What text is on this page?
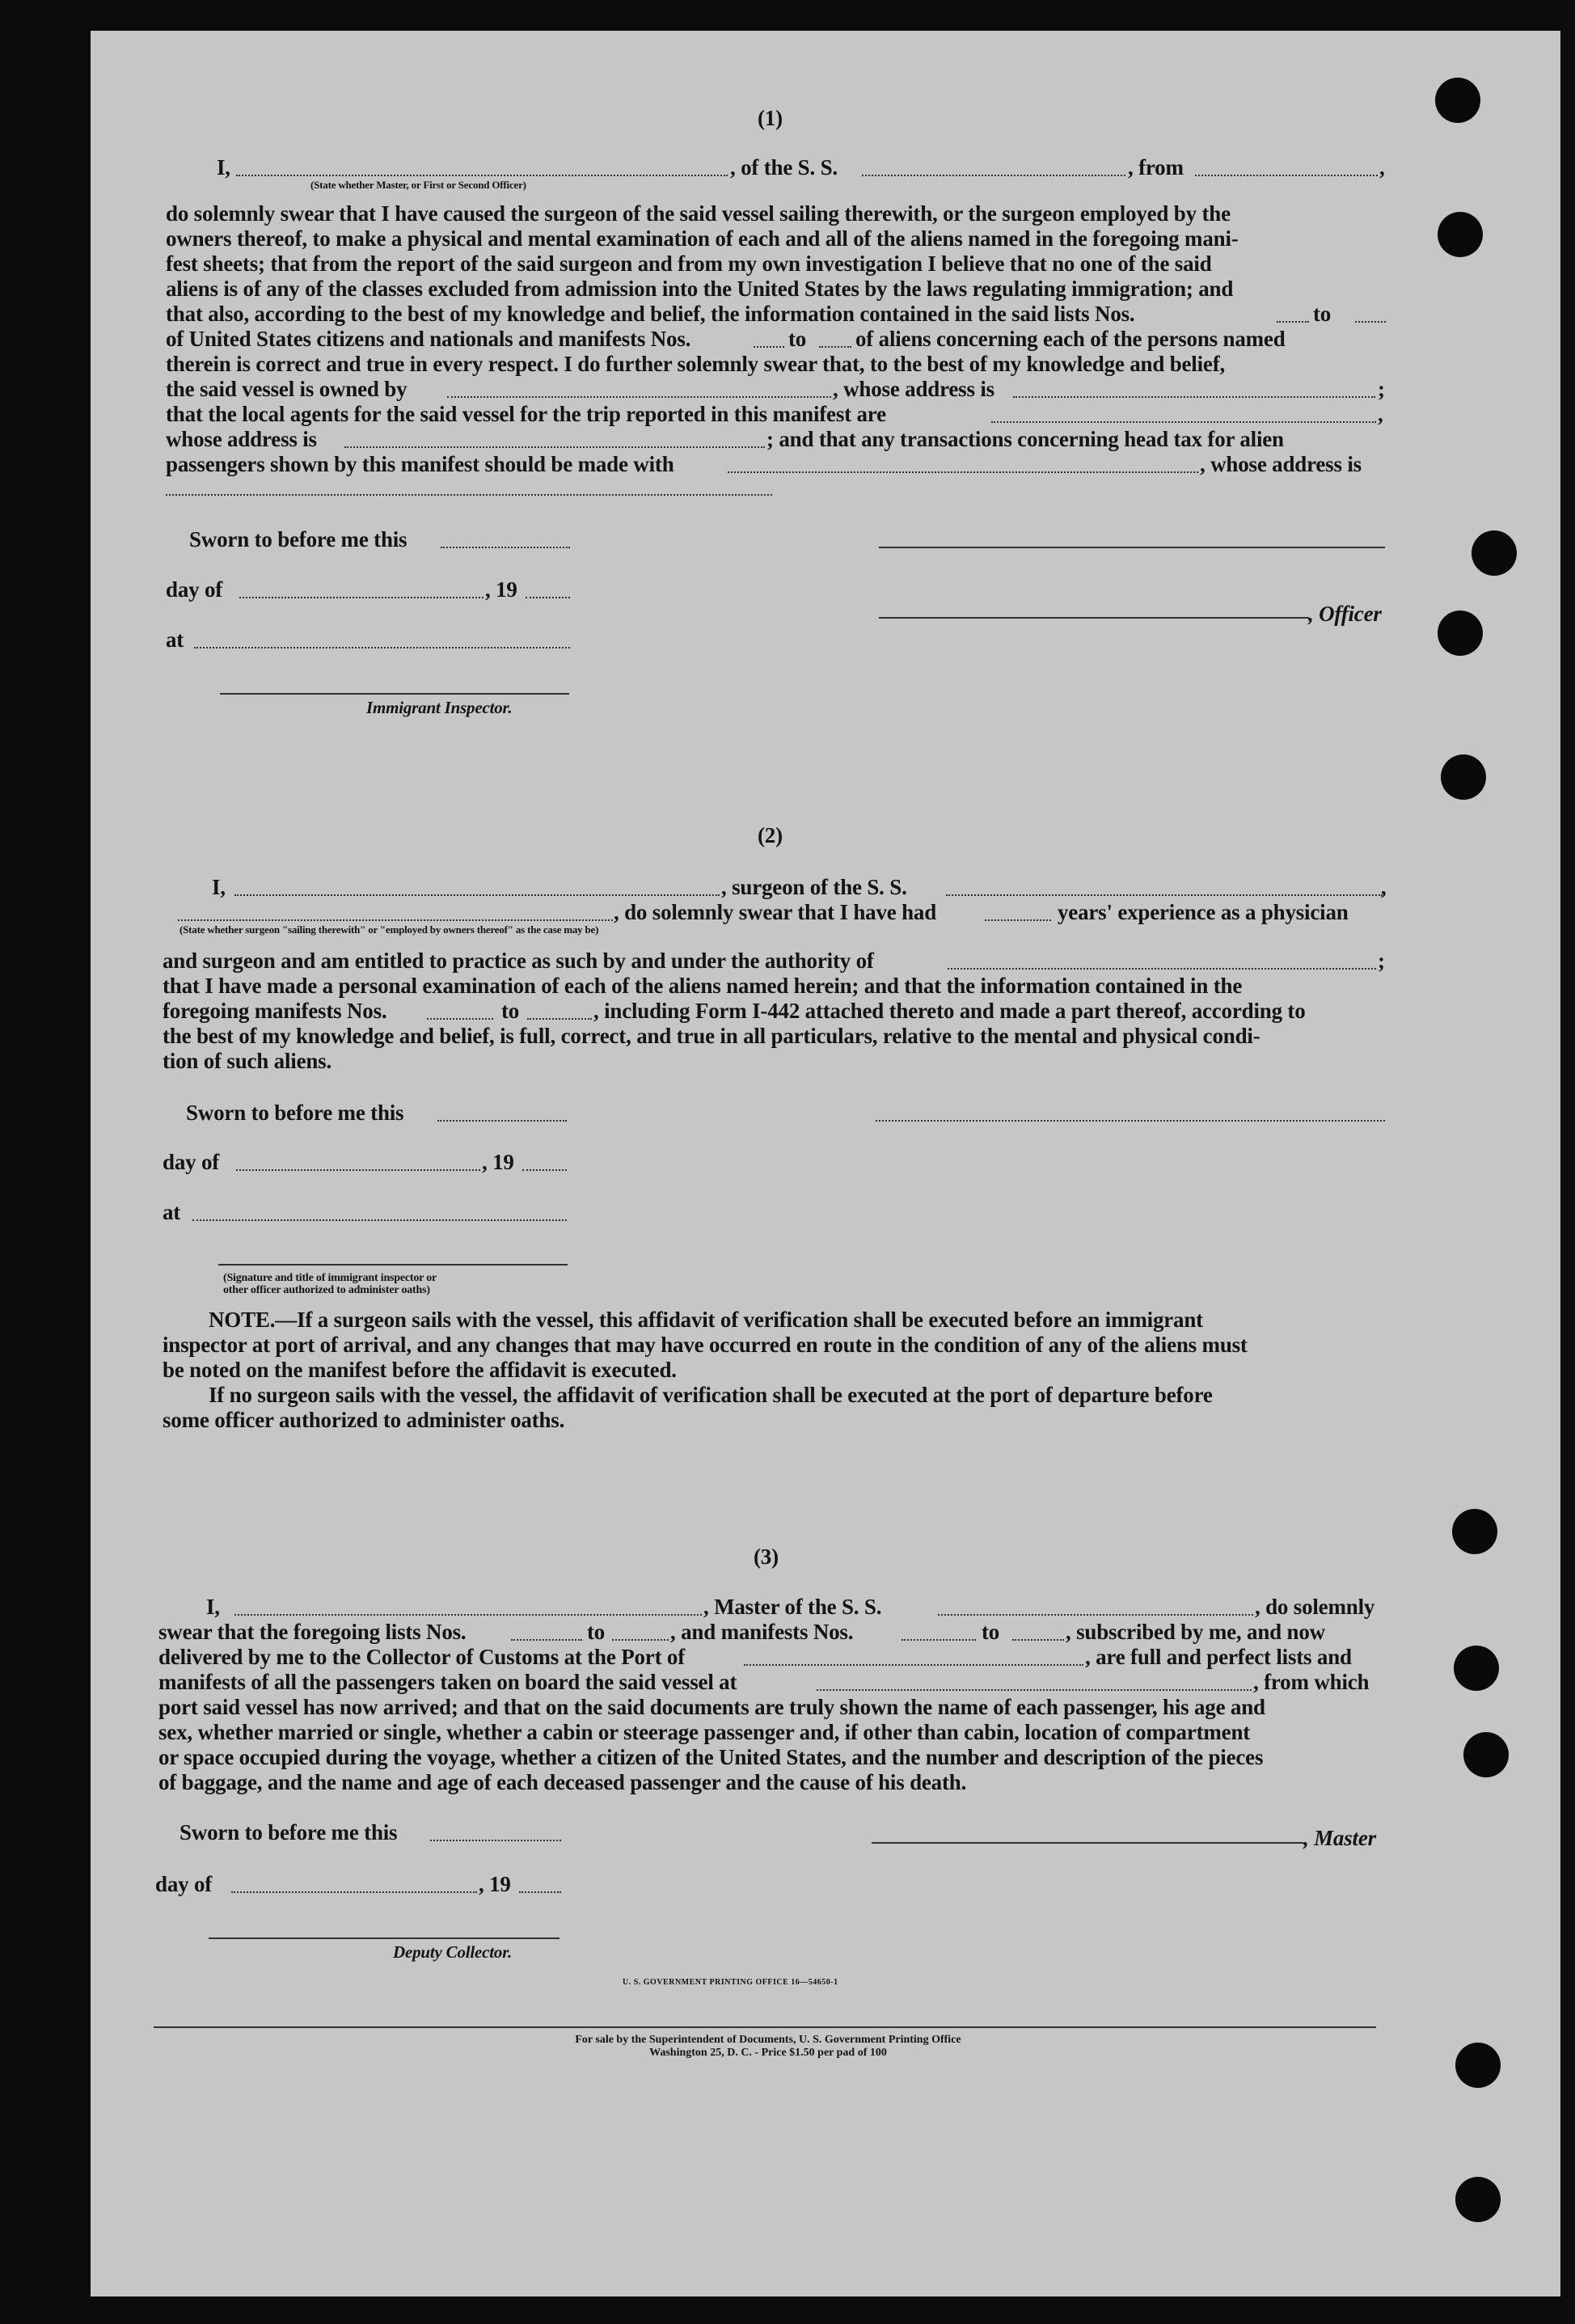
(1)
I,	, of the S. S.	, from	,
(State whether Master, or First or Second Officer)
do solemnly swear that I have caused the surgeon of the said vessel sailing therewith, or the surgeon employed by the
owners thereof, to make a physical and mental examination of each and all of the aliens named in the foregoing mani-
fest sheets; that from the report of the said surgeon and from my own investigation I believe that no one of the said
aliens is of any of the classes excluded from admission into the United States by the laws regulating immigration; and
that also, according to the best of my knowledge and belief, the information contained in the said lists Nos.	to
of United States citizens and nationals and manifests Nos.	to of aliens concerning each of the persons named
therein is correct and true in every respect. I do further solemnly swear that, to the best of my knowledge and belief,
the said vessel is owned by	, whose address is	;
that the local agents for the said vessel for the trip reported in this manifest are	,
whose address is	; and that any transactions concerning head tax for alien
passengers shown by this manifest should be made with	, whose address is
Sworn to before me this
day of	, 19
, Officer
at
Immigrant Inspector.
(2)
I,	, surgeon of the S. S.	,
, do solemnly swear that I have had	years' experience as a physician
(State whether surgeon "sailing therewith" or "employed by owners thereof" as the case may be)
and surgeon and am entitled to practice as such by and under the authority of	;
that I have made a personal examination of each of the aliens named herein; and that the information contained in the
foregoing manifests Nos.	to	, including Form I-442 attached thereto and made a part thereof, according to
the best of my knowledge and belief, is full, correct, and true in all particulars, relative to the mental and physical condi-
tion of such aliens.
Sworn to before me this
day of	, 19
at
(Signature and title of immigrant inspector or
other officer authorized to administer oaths)
NOTE.—If a surgeon sails with the vessel, this affidavit of verification shall be executed before an immigrant
inspector at port of arrival, and any changes that may have occurred en route in the condition of any of the aliens must
be noted on the manifest before the affidavit is executed.
If no surgeon sails with the vessel, the affidavit of verification shall be executed at the port of departure before
some officer authorized to administer oaths.
(3)
I,	, Master of the S. S.	, do solemnly
swear that the foregoing lists Nos.	to	, and manifests Nos.	to	, subscribed by me, and now
delivered by me to the Collector of Customs at the Port of	, are full and perfect lists and
manifests of all the passengers taken on board the said vessel at	, from which
port said vessel has now arrived; and that on the said documents are truly shown the name of each passenger, his age and
sex, whether married or single, whether a cabin or steerage passenger and, if other than cabin, location of compartment
or space occupied during the voyage, whether a citizen of the United States, and the number and description of the pieces
of baggage, and the name and age of each deceased passenger and the cause of his death.
Sworn to before me this	, Master
day of	, 19
Deputy Collector.
U. S. GOVERNMENT PRINTING OFFICE 16—54650-1
For sale by the Superintendent of Documents, U. S. Government Printing Office
Washington 25, D. C. - Price $1.50 per pad of 100
